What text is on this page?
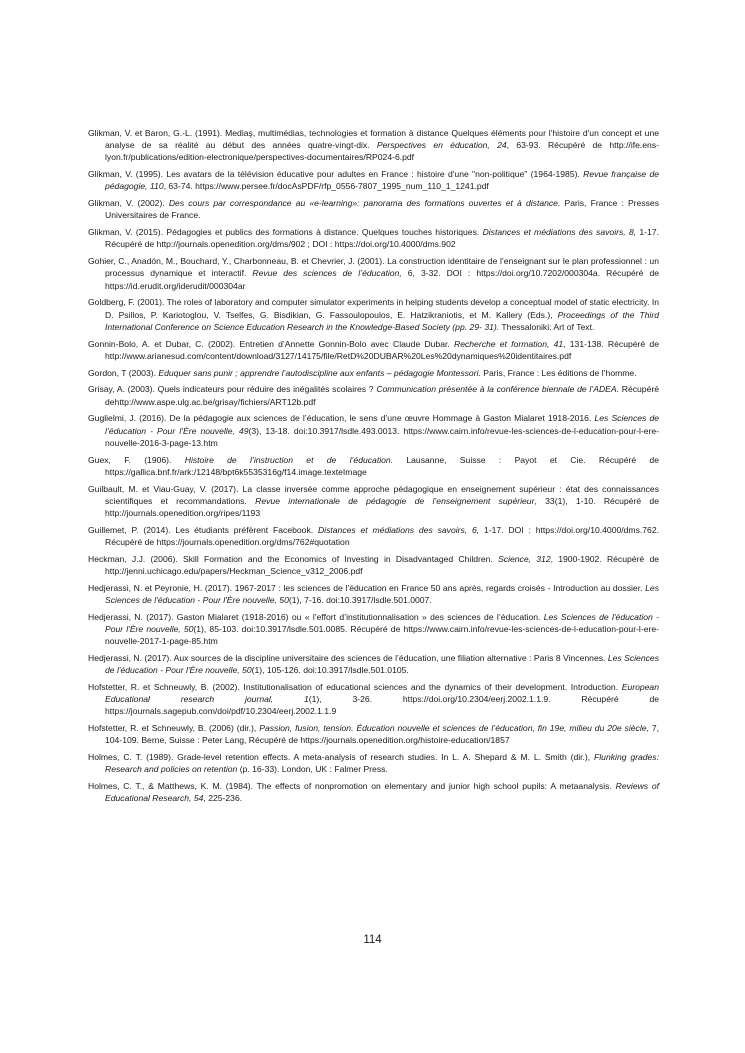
Glikman, V. et Baron, G.-L. (1991). Mediaş, multimédias, technologies et formation à distance Quelques éléments pour l'histoire d'un concept et une analyse de sa réalité au début des années quatre-vingt-dix. Perspectives en éducation, 24, 63-93. Récupéré de http://ife.ens-lyon.fr/publications/edition-electronique/perspectives-documentaires/RP024-6.pdf

Glikman, V. (1995). Les avatars de la télévision éducative pour adultes en France : histoire d'une "non-politique" (1964-1985). Revue française de pédagogie, 110, 63-74. https://www.persee.fr/docAsPDF/rfp_0556-7807_1995_num_110_1_1241.pdf

Glikman, V. (2002). Des cours par correspondance au «e-learning»: panorama des formations ouvertes et à distance. Paris, France : Presses Universitaires de France.

Glikman, V. (2015). Pédagogies et publics des formations à distance. Quelques touches historiques. Distances et médiations des savoirs, 8, 1-17. Récupéré de http://journals.openedition.org/dms/902 ; DOI : https://doi.org/10.4000/dms.902

Gohier, C., Anadón, M., Bouchard, Y., Charbonneau, B. et Chevrier, J. (2001). La construction identitaire de l’enseignant sur le plan professionnel : un processus dynamique et interactif. Revue des sciences de l’éducation, 6, 3-32. DOI : https://doi.org/10.7202/000304a. Récupéré de https://id.erudit.org/iderudit/000304ar

Goldberg, F. (2001). The roles of laboratory and computer simulator experiments in helping students develop a conceptual model of static electricity. In D. Psillos, P. Kariotoglou, V. Tselfes, G. Bisdikian, G. Fassoulopoulos, E. Hatzikraniotis, et M. Kallery (Eds.), Proceedings of the Third International Conference on Science Education Research in the Knowledge-Based Society (pp. 29- 31). Thessaloniki: Art of Text.

Gonnin-Bolo, A. et Dubar, C. (2002). Entretien d’Annette Gonnin-Bolo avec Claude Dubar. Recherche et formation, 41, 131-138. Récupéré de http://www.arianesud.com/content/download/3127/14175/file/RetD%20DUBAR%20Les%20dynamiques%20identitaires.pdf

Gordon, T (2003). Eduquer sans punir ; apprendre l’autodiscipline aux enfants – pédagogie Montessori. Paris, France : Les éditions de l’homme.

Grisay, A. (2003). Quels indicateurs pour réduire des inégalités scolaires ? Communication présentée à la conférence biennale de l’ADEA. Récupéré dehttp://www.aspe.ulg.ac.be/grisay/fichiers/ART12b.pdf

Guglielmi, J. (2016). De la pédagogie aux sciences de l’éducation, le sens d’une œuvre Hommage à Gaston Mialaret 1918-2016. Les Sciences de l’éducation - Pour l’Ère nouvelle, 49(3), 13-18. doi:10.3917/lsdle.493.0013. https://www.cairn.info/revue-les-sciences-de-l-education-pour-l-ere-nouvelle-2016-3-page-13.htm

Guex, F. (1906). Histoire de l’instruction et de l’éducation. Lausanne, Suisse : Payot et Cie. Récupéré de https://gallica.bnf.fr/ark:/12148/bpt6k5535316g/f14.image.texteImage

Guilbault, M. et Viau-Guay, V. (2017). La classe inversée comme approche pédagogique en enseignement supérieur : état des connaissances scientifiques et recommandations. Revue internationale de pédagogie de l’enseignement supérieur, 33(1), 1-10. Récupéré de http://journals.openedition.org/ripes/1193

Guillemet, P. (2014). Les étudiants préfèrent Facebook. Distances et médiations des savoirs, 6, 1-17. DOI : https://doi.org/10.4000/dms.762. Récupéré de https://journals.openedition.org/dms/762#quotation

Heckman, J.J. (2006). Skill Formation and the Economics of Investing in Disadvantaged Children. Science, 312, 1900-1902. Récupéré de http://jenni.uchicago.edu/papers/Heckman_Science_v312_2006.pdf

Hedjerassi, N. et Peyronie, H. (2017). 1967-2017 : les sciences de l’éducation en France 50 ans après, regards croisés - Introduction au dossier. Les Sciences de l'éducation - Pour l'Ère nouvelle, 50(1), 7-16. doi:10.3917/lsdle.501.0007.

Hedjerassi, N. (2017). Gaston Mialaret (1918-2016) ou « l’effort d’institutionnalisation » des sciences de l’éducation. Les Sciences de l'éducation - Pour l'Ère nouvelle, 50(1), 85-103. doi:10.3917/lsdle.501.0085. Récupéré de https://www.cairn.info/revue-les-sciences-de-l-education-pour-l-ere-nouvelle-2017-1-page-85.htm

Hedjerassi, N. (2017). Aux sources de la discipline universitaire des sciences de l’éducation, une filiation alternative : Paris 8 Vincennes. Les Sciences de l'éducation - Pour l'Ère nouvelle, 50(1), 105-126. doi:10.3917/lsdle.501.0105.

Hofstetter, R. et Schneuwly, B. (2002). Institutionalisation of educational sciences and the dynamics of their development. Introduction. European Educational research journal, 1(1), 3-26. https://doi.org/10.2304/eerj.2002.1.1.9. Récupéré de https://journals.sagepub.com/doi/pdf/10.2304/eerj.2002.1.1.9

Hofstetter, R. et Schneuwly, B. (2006) (dir.), Passion, fusion, tension. Éducation nouvelle et sciences de l’éducation, fin 19e, milieu du 20e siècle, 7, 104-109. Berne, Suisse : Peter Lang, Récupéré de https://journals.openedition.org/histoire-education/1857

Holmes, C. T. (1989). Grade-level retention effects. A meta-analysis of research studies. In L. A. Shepard & M. L. Smith (dir.), Flunking grades: Research and policies on retention (p. 16-33). London, UK : Falmer Press.

Holmes, C. T., & Matthews, K. M. (1984). The effects of nonpromotion on elementary and junior high school pupils: A metaanalysis. Reviews of Educational Research, 54, 225-236.

114
